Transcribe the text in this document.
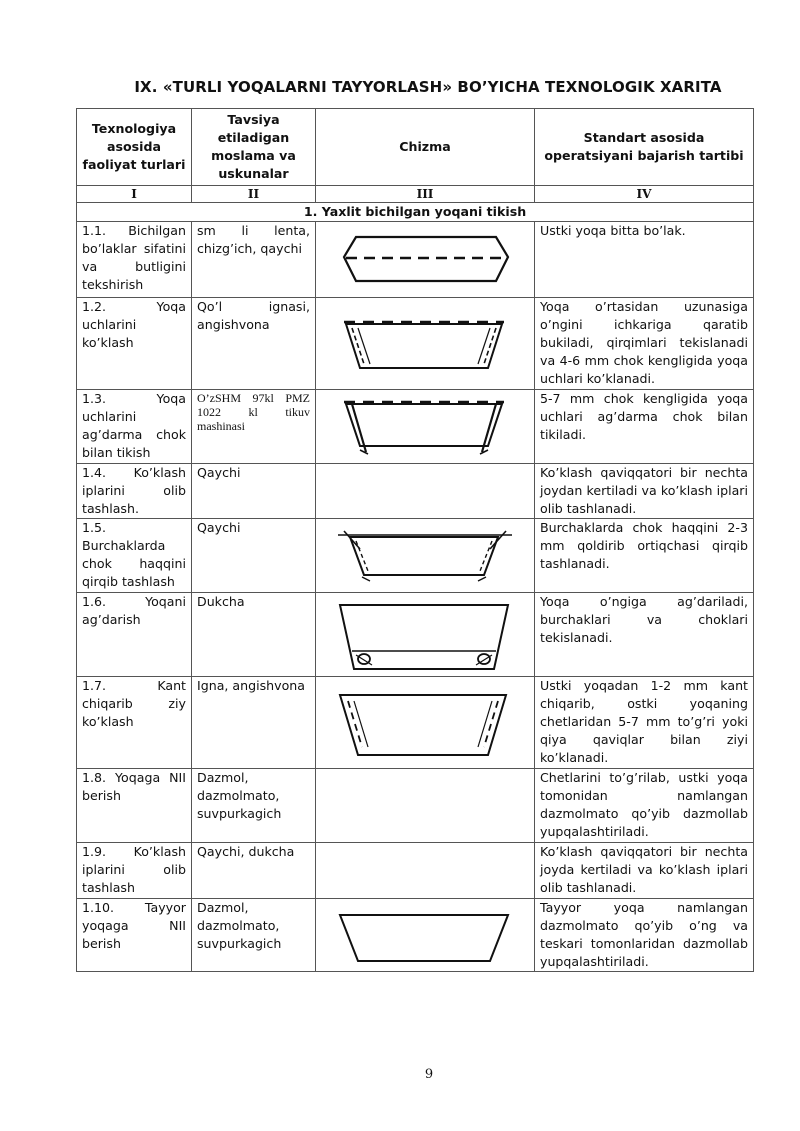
IX. «TURLI YOQALARNI TAYYORLASH» BO’YICHA TEXNOLOGIK XARITA
Texnologiya asosida faoliyat turlari	Tavsiya etiladigan moslama va uskunalar	Chizma	Standart asosida operatsiyani bajarish tartibi
I	II	III	IV
1. Yaxlit bichilgan yoqani tikish			
1.1. Bichilgan bo’laklar sifatini va butligini tekshirish	sm li lenta, chizg’ich, qaychi		Ustki yoqa bitta bo’lak.
1.2. Yoqa uchlarini ko’klash	Qo’l ignasi, angishvona		Yoqa o’rtasidan uzunasiga o’ngini ichkariga qaratib bukiladi, qirqimlari tekislanadi va 4-6 mm chok kengligida yoqa uchlari ko’klanadi.
1.3. Yoqa uchlarini ag’darma chok bilan tikish	O’zSHM 97kl PMZ 1022 kl tikuv mashinasi		5-7 mm chok kengligida yoqa uchlari ag’darma chok bilan tikiladi.
1.4. Ko’klash iplarini olib tashlash.	Qaychi		Ko’klash qaviqqatori bir nechta joydan kertiladi va ko’klash iplari olib tashlanadi.
1.5. Burchaklarda chok haqqini qirqib tashlash	Qaychi		Burchaklarda chok haqqini 2-3 mm qoldirib ortiqchasi qirqib tashlanadi.
1.6. Yoqani ag’darish	Dukcha		Yoqa o’ngiga ag’dariladi, burchaklari va choklari tekislanadi.
1.7. Kant chiqarib ziy ko’klash	Igna, angishvona		Ustki yoqadan 1-2 mm kant chiqarib, ostki yoqaning chetlaridan 5-7 mm to’g’ri yoki qiya qaviqlar bilan ziyi ko’klanadi.
1.8. Yoqaga NII berish	Dazmol, dazmolmato, suvpurkagich		Chetlarini to’g’rilab, ustki yoqa tomonidan namlangan dazmolmato qo’yib dazmollab yupqalashtiriladi.
1.9. Ko’klash iplarini olib tashlash	Qaychi, dukcha		Ko’klash qaviqqatori bir nechta joyda kertiladi va ko’klash iplari olib tashlanadi.
1.10. Tayyor yoqaga NII berish	Dazmol, dazmolmato, suvpurkagich		Tayyor yoqa namlangan dazmolmato qo’yib o’ng va teskari tomonlaridan dazmollab yupqalashtiriladi.
9
